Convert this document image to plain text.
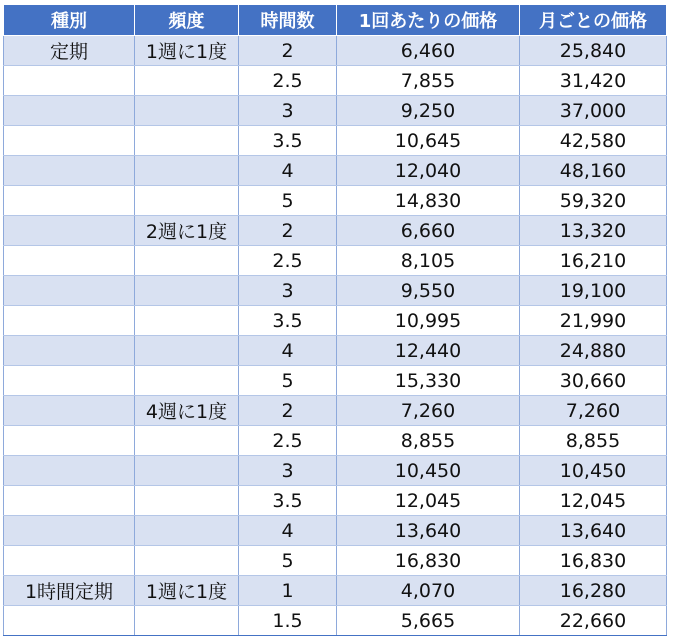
種別	頻度	時間数	1回あたりの価格	月ごとの価格
定期	1週に1度	2	6,460	25,840
		2.5	7,855	31,420
		3	9,250	37,000
		3.5	10,645	42,580
		4	12,040	48,160
		5	14,830	59,320
	2週に1度	2	6,660	13,320
		2.5	8,105	16,210
		3	9,550	19,100
		3.5	10,995	21,990
		4	12,440	24,880
		5	15,330	30,660
	4週に1度	2	7,260	7,260
		2.5	8,855	8,855
		3	10,450	10,450
		3.5	12,045	12,045
		4	13,640	13,640
		5	16,830	16,830
1時間定期	1週に1度	1	4,070	16,280
		1.5	5,665	22,660
